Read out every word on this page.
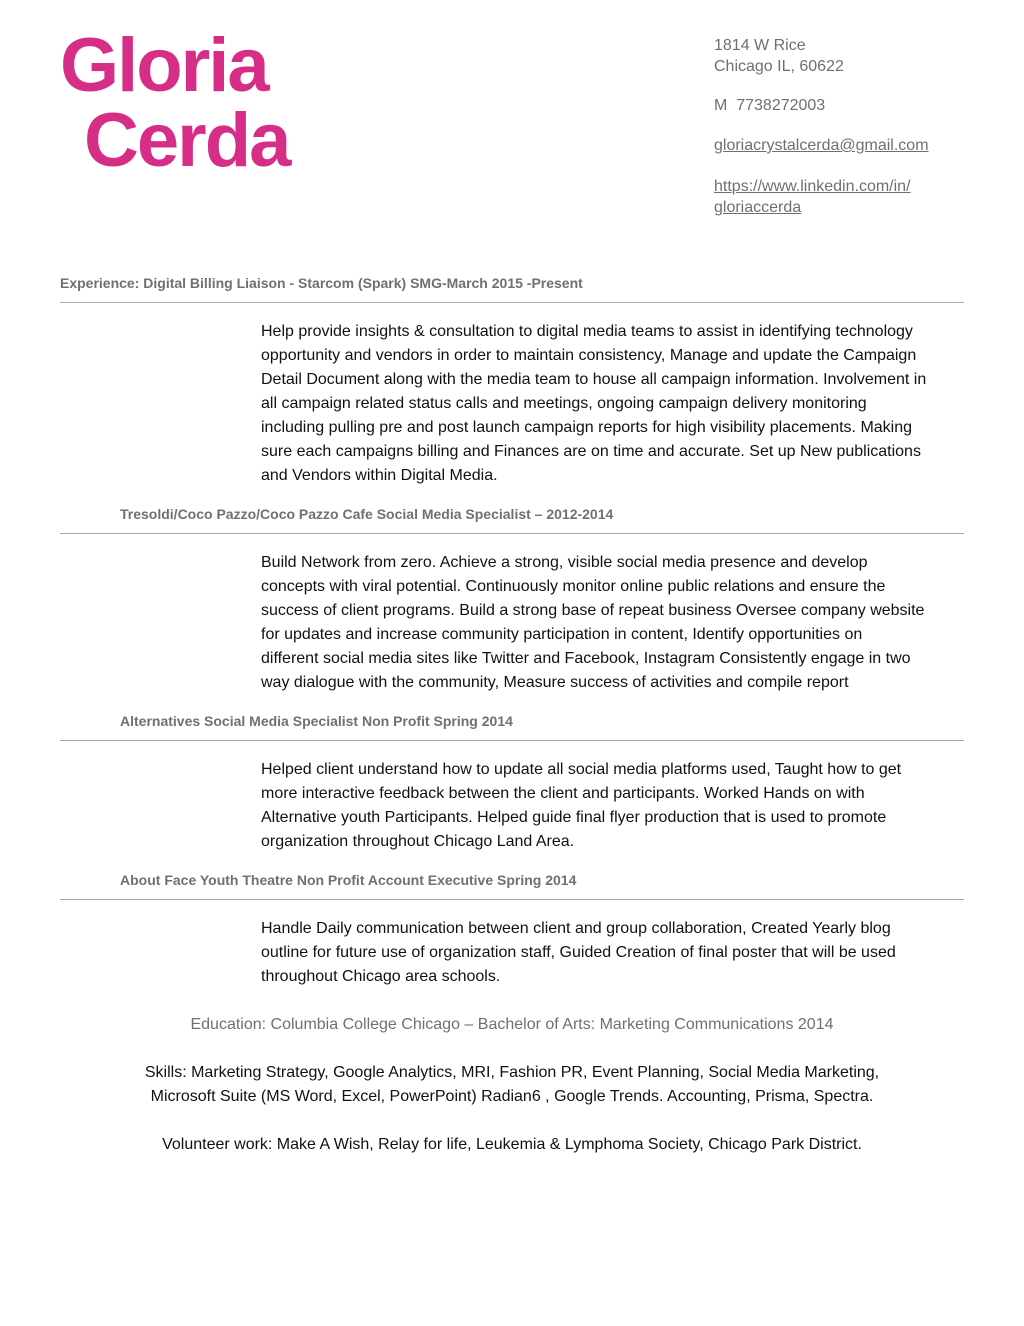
Gloria
Cerda
1814 W Rice
Chicago IL, 60622
M  7738272003
gloriacrystalcerda@gmail.com
https://www.linkedin.com/in/
gloriaccerda
Experience: Digital Billing Liaison - Starcom (Spark) SMG-March 2015 -Present
Help provide insights & consultation to digital media teams to assist in identifying technology
opportunity and vendors in order to maintain consistency, Manage and update the Campaign
Detail Document along with the media team to house all campaign information. Involvement in
all campaign related status calls and meetings, ongoing campaign delivery monitoring
including pulling pre and post launch campaign reports for high visibility placements. Making
sure each campaigns billing and Finances are on time and accurate. Set up New publications
and Vendors within Digital Media.
Tresoldi/Coco Pazzo/Coco Pazzo Cafe Social Media Specialist – 2012-2014
Build Network from zero. Achieve a strong, visible social media presence and develop
concepts with viral potential. Continuously monitor online public relations and ensure the
success of client programs. Build a strong base of repeat business Oversee company website
for updates and increase community participation in content, Identify opportunities on
different social media sites like Twitter and Facebook, Instagram Consistently engage in two
way dialogue with the community, Measure success of activities and compile report
Alternatives Social Media Specialist Non Profit Spring 2014
Helped client understand how to update all social media platforms used, Taught how to get
more interactive feedback between the client and participants. Worked Hands on with
Alternative youth Participants. Helped guide final flyer production that is used to promote
organization throughout Chicago Land Area.
About Face Youth Theatre Non Profit Account Executive Spring 2014
Handle Daily communication between client and group collaboration, Created Yearly blog
outline for future use of organization staff, Guided Creation of final poster that will be used
throughout Chicago area schools.

Education: Columbia College Chicago – Bachelor of Arts: Marketing Communications 2014

Skills: Marketing Strategy, Google Analytics, MRI, Fashion PR, Event Planning, Social Media Marketing,

Microsoft Suite (MS Word, Excel, PowerPoint) Radian6 , Google Trends. Accounting, Prisma, Spectra.

Volunteer work: Make A Wish, Relay for life, Leukemia & Lymphoma Society, Chicago Park District.
